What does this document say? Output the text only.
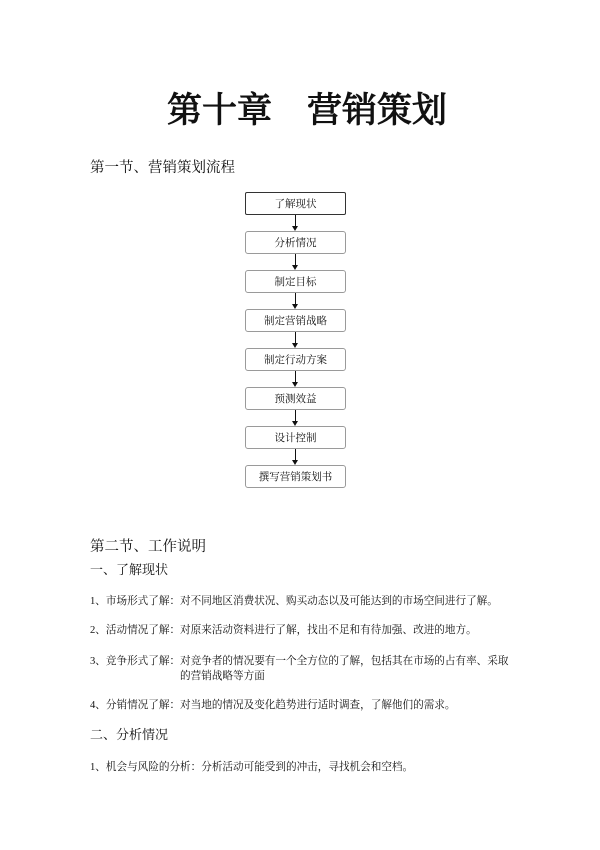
第十章　营销策划
第一节、营销策划流程
了解现状
分析情况
制定目标
制定营销战略
制定行动方案
预测效益
设计控制
撰写营销策划书
第二节、工作说明
一、了解现状
1、市场形式了解： 对不同地区消费状况、购买动态以及可能达到的市场空间进行了解。
2、活动情况了解： 对原来活动资料进行了解，找出不足和有待加强、改进的地方。
3、竞争形式了解： 对竞争者的情况要有一个全方位的了解，包括其在市场的占有率、采取
的营销战略等方面
4、分销情况了解： 对当地的情况及变化趋势进行适时调查，了解他们的需求。
二、分析情况
1、机会与风险的分析： 分析活动可能受到的冲击，寻找机会和空档。
